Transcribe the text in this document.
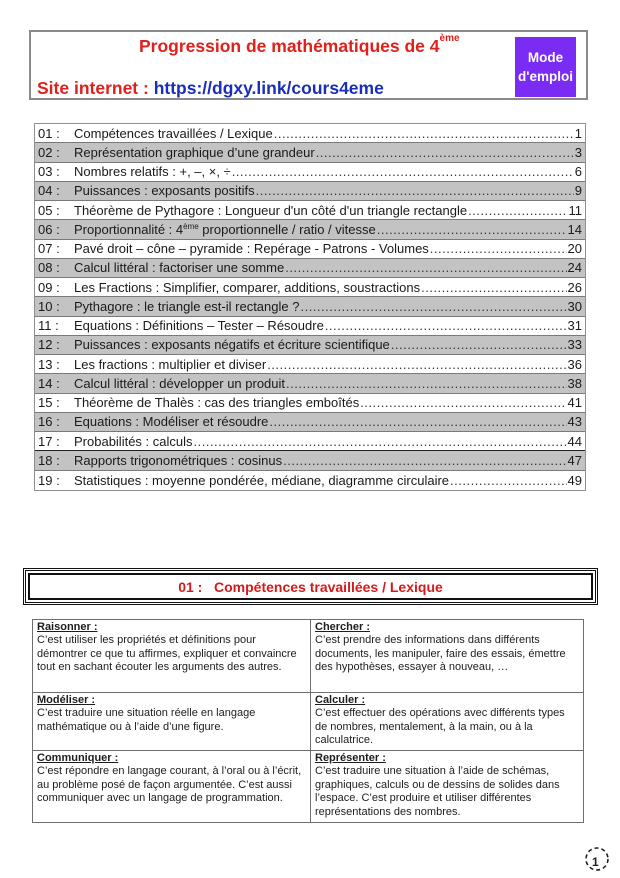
Progression de mathématiques de 4ème
Site internet : https://dgxy.link/cours4eme
Mode
d'emploi
01 :	Compétences travaillées / Lexique .....	1
02 :	Représentation graphique d’une grandeur .....	3
03 :	Nombres relatifs : +, –, ×, ÷ .....	6
04 :	Puissances : exposants positifs .....	9
05 :	Théorème de Pythagore : Longueur d'un côté d'un triangle rectangle .....	11
06 :	Proportionnalité : 4ème proportionnelle / ratio / vitesse .....	14
07 :	Pavé droit – cône – pyramide : Repérage - Patrons - Volumes .....	20
08 :	Calcul littéral : factoriser une somme .....	24
09 :	Les Fractions : Simplifier, comparer, additions, soustractions .....	26
10 :	Pythagore : le triangle est-il rectangle ? .....	30
11 :	Equations : Définitions – Tester – Résoudre .....	31
12 :	Puissances : exposants négatifs et écriture scientifique .....	33
13 :	Les fractions : multiplier et diviser .....	36
14 :	Calcul littéral : développer un produit .....	38
15 :	Théorème de Thalès : cas des triangles emboîtés .....	41
16 :	Equations : Modéliser et résoudre .....	43
17 :	Probabilités : calculs .....	44
18 :	Rapports trigonométriques : cosinus .....	47
19 :	Statistiques : moyenne pondérée, médiane, diagramme circulaire .....	49
01 :   Compétences travaillées / Lexique
Raisonner :
C’est utiliser les propriétés et définitions pour démontrer ce que tu affirmes, expliquer et convaincre tout en sachant écouter les arguments des autres.
Chercher :
C’est prendre des informations dans différents documents, les manipuler, faire des essais, émettre des hypothèses, essayer à nouveau, …
Modéliser :
C’est traduire une situation réelle en langage mathématique ou à l’aide d’une figure.
Calculer :
C’est effectuer des opérations avec différents types de nombres, mentalement, à la main, ou à la calculatrice.
Communiquer :
C’est répondre en langage courant, à l’oral ou à l’écrit, au problème posé de façon argumentée. C’est aussi communiquer avec un langage de programmation.
Représenter :
C’est traduire une situation à l’aide de schémas, graphiques, calculs ou de dessins de solides dans l’espace. C’est produire et utiliser différentes représentations des nombres.
1
